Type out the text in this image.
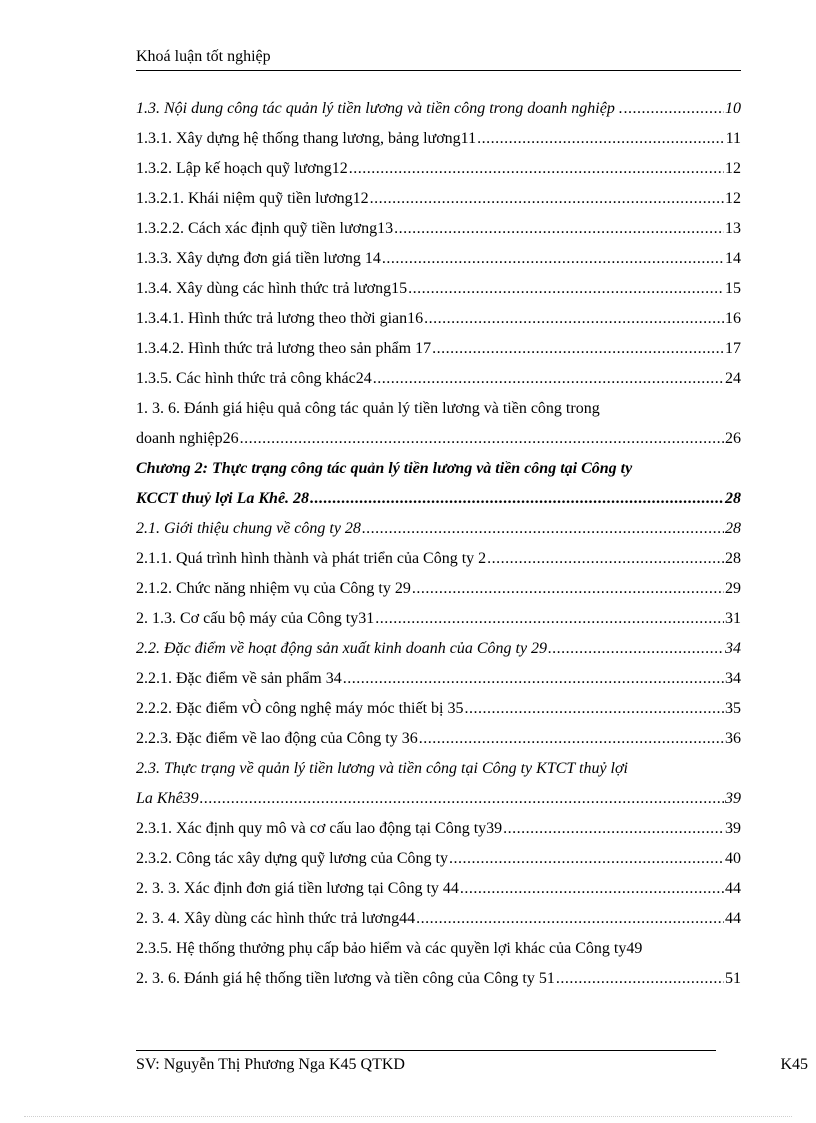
Khoá luận tốt nghiệp
1.3. Nội dung công tác quản lý tiền lương và tiền công trong doanh nghiệp . .....	10
1.3.1. Xây dựng hệ thống thang lương, bảng lương11 .....	11
1.3.2. Lập kế hoạch quỹ lương12 .....	12
1.3.2.1. Khái niệm quỹ tiền lương12 .....	12
1.3.2.2. Cách xác định quỹ tiền lương13 .....	13
1.3.3. Xây dựng đơn giá tiền lương 14 .....	14
1.3.4. Xây dùng các hình thức trả lương15 .....	15
1.3.4.1. Hình thức trả lương theo thời gian16 .....	16
1.3.4.2. Hình thức trả lương theo sản phẩm 17 .....	17
1.3.5. Các hình thức trả công khác24 .....	24
1. 3. 6. Đánh giá hiệu quả công tác quản lý tiền lương và tiền công trong
doanh nghiệp26 .....	26
Chương 2: Thực trạng công tác quản lý tiền lương và tiền công tại Công ty
KCCT thuỷ lợi La Khê. 28 .....	28
2.1. Giới thiệu chung về công ty 28 .....	28
2.1.1. Quá trình hình thành và phát triển của Công ty 2 .....	28
2.1.2. Chức năng nhiệm vụ của Công ty 29 .....	29
2. 1.3. Cơ cấu bộ máy của Công ty31 .....	31
2.2. Đặc điểm về hoạt động sản xuất kinh doanh của Công ty 29 .....	34
2.2.1. Đặc điểm về sản phẩm 34 .....	34
2.2.2. Đặc điểm vÒ công nghệ máy móc thiết bị 35 .....	35
2.2.3. Đặc điểm về lao động của Công ty 36 .....	36
2.3. Thực trạng về quản lý tiền lương và tiền công tại Công ty KTCT thuỷ lợi
La Khê39 .....	39
2.3.1. Xác định quy mô và cơ cấu lao động tại Công ty39 .....	39
2.3.2. Công tác xây dựng quỹ lương của Công ty .....	40
2. 3. 3. Xác định đơn giá tiền lương tại Công ty 44 .....	44
2. 3. 4. Xây dùng các hình thức trả lương44 .....	44
2.3.5. Hệ thống thưởng phụ cấp bảo hiểm và các quyền lợi khác của Công ty49
2. 3. 6. Đánh giá hệ thống tiền lương và tiền công của Công ty 51 .....	51
SV: Nguyễn Thị Phương Nga K45 QTKD	K45
